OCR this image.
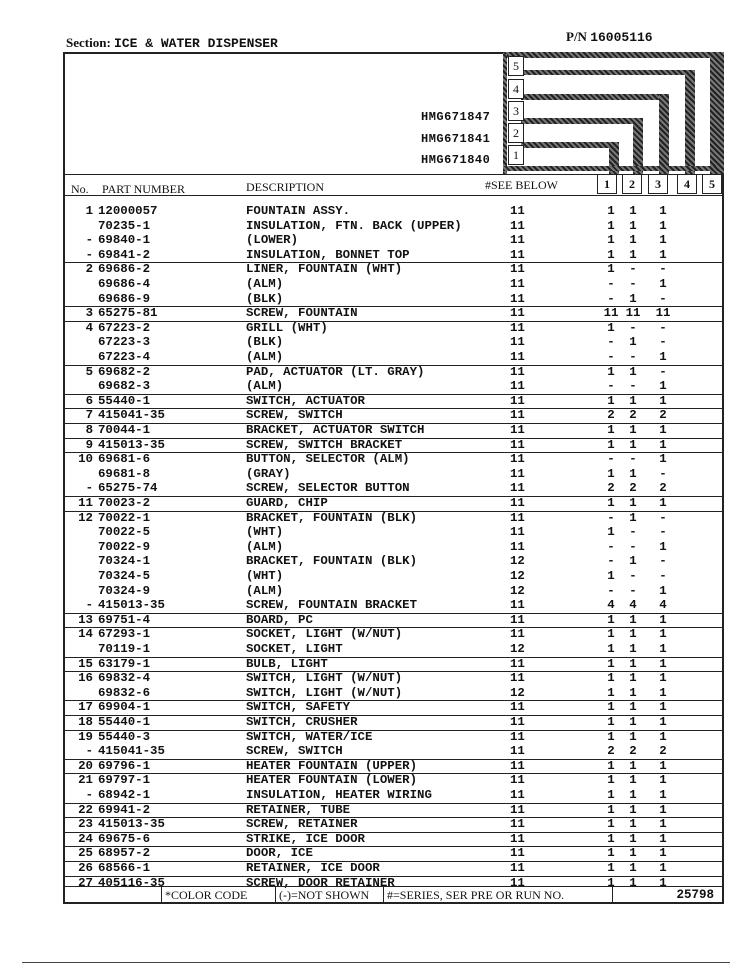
Section: ICE & WATER DISPENSER	P/N 16005116
5
4
3
2
1
HMG671847
HMG671841
HMG671840
No. PART NUMBER	DESCRIPTION	#SEE BELOW	1	2	3	4	5
1 12000057	FOUNTAIN ASSY.	11	1	1	1
70235-1	INSULATION, FTN. BACK (UPPER)	11	1	1	1
- 69840-1	(LOWER)	11	1	1	1
- 69841-2	INSULATION, BONNET TOP	11	1	1	1
2 69686-2	LINER, FOUNTAIN (WHT)	11	1	-	-
69686-4	(ALM)	11	-	-	1
69686-9	(BLK)	11	-	1	-
3 65275-81	SCREW, FOUNTAIN	11	11 11 11
4 67223-2	GRILL (WHT)	11	1	-	-
67223-3	(BLK)	11	-	1	-
67223-4	(ALM)	11	-	-	1
5 69682-2	PAD, ACTUATOR (LT. GRAY)	11	1	1	-
69682-3	(ALM)	11	-	-	1
6 55440-1	SWITCH, ACTUATOR	11	1	1	1
7 415041-35	SCREW, SWITCH	11	2	2	2
8 70044-1	BRACKET, ACTUATOR SWITCH	11	1	1	1
9 415013-35	SCREW, SWITCH BRACKET	11	1	1	1
10 69681-6	BUTTON, SELECTOR (ALM)	11	-	-	1
69681-8	(GRAY)	11	1	1	-
- 65275-74	SCREW, SELECTOR BUTTON	11	2	2	2
11 70023-2	GUARD, CHIP	11	1	1	1
12 70022-1	BRACKET, FOUNTAIN (BLK)	11	-	1	-
70022-5	(WHT)	11	1	-	-
70022-9	(ALM)	11	-	-	1
70324-1	BRACKET, FOUNTAIN (BLK)	12	-	1	-
70324-5	(WHT)	12	1	-	-
70324-9	(ALM)	12	-	-	1
- 415013-35	SCREW, FOUNTAIN BRACKET	11	4	4	4
13 69751-4	BOARD, PC	11	1	1	1
14 67293-1	SOCKET, LIGHT (W/NUT)	11	1	1	1
70119-1	SOCKET, LIGHT	12	1	1	1
15 63179-1	BULB, LIGHT	11	1	1	1
16 69832-4	SWITCH, LIGHT (W/NUT)	11	1	1	1
69832-6	SWITCH, LIGHT (W/NUT)	12	1	1	1
17 69904-1	SWITCH, SAFETY	11	1	1	1
18 55440-1	SWITCH, CRUSHER	11	1	1	1
19 55440-3	SWITCH, WATER/ICE	11	1	1	1
- 415041-35	SCREW, SWITCH	11	2	2	2
20 69796-1	HEATER FOUNTAIN (UPPER)	11	1	1	1
21 69797-1	HEATER FOUNTAIN (LOWER)	11	1	1	1
- 68942-1	INSULATION, HEATER WIRING	11	1	1	1
22 69941-2	RETAINER, TUBE	11	1	1	1
23 415013-35	SCREW, RETAINER	11	1	1	1
24 69675-6	STRIKE, ICE DOOR	11	1	1	1
25 68957-2	DOOR, ICE	11	1	1	1
26 68566-1	RETAINER, ICE DOOR	11	1	1	1
27 405116-35	SCREW, DOOR RETAINER	11	1	1	1
*COLOR CODE	(-)=NOT SHOWN	#=SERIES, SER PRE OR RUN NO.	25798
